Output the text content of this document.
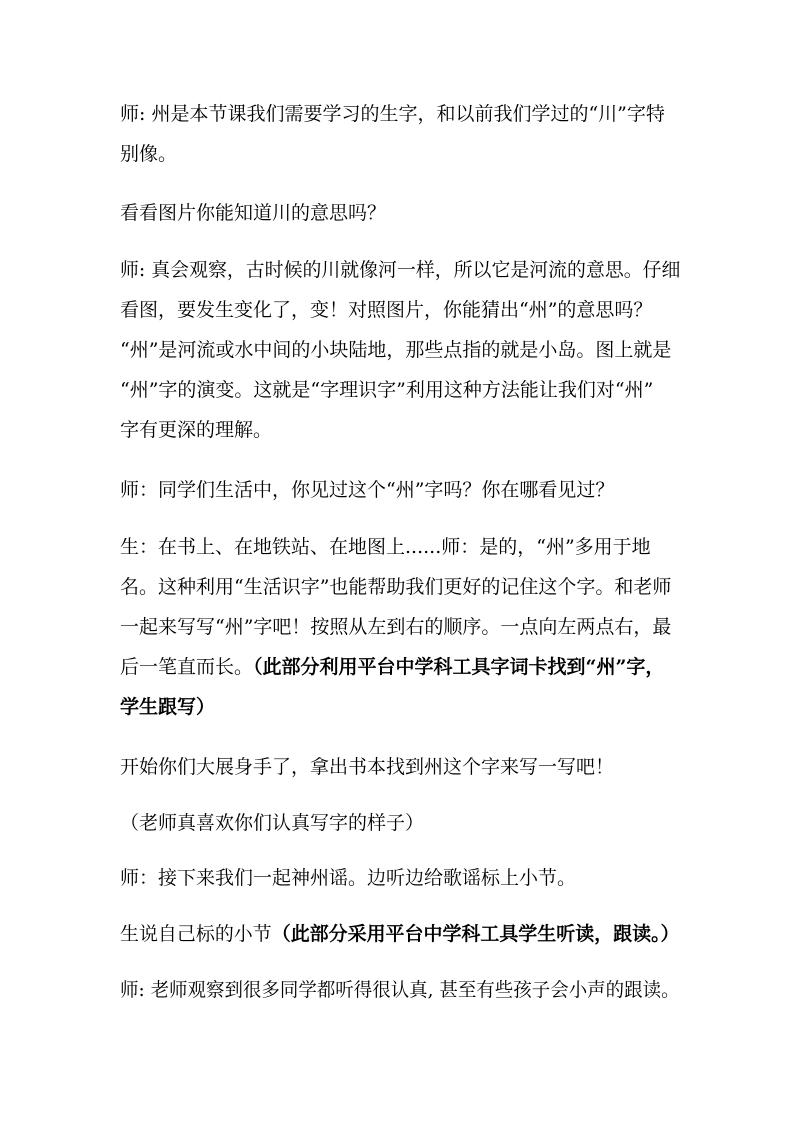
师: 州是本节课我们需要学习的生字，和以前我们学过的“川”字特
别像。
看看图片你能知道川的意思吗？
师: 真会观察，古时候的川就像河一样，所以它是河流的意思。仔细
看图，要发生变化了，变！对照图片，你能猜出“州”的意思吗？
“州”是河流或水中间的小块陆地，那些点指的就是小岛。图上就是
“州”字的演变。这就是“字理识字”利用这种方法能让我们对“州”
字有更深的理解。
师：同学们生活中，你见过这个“州”字吗？你在哪看见过？
生：在书上、在地铁站、在地图上......师：是的，“州”多用于地
名。这种利用“生活识字”也能帮助我们更好的记住这个字。和老师
一起来写写“州”字吧！按照从左到右的顺序。一点向左两点右，最
后一笔直而长。（此部分利用平台中学科工具字词卡找到“州”字，
学生跟写）
开始你们大展身手了，拿出书本找到州这个字来写一写吧！
（老师真喜欢你们认真写字的样子）
师：接下来我们一起神州谣。边听边给歌谣标上小节。
生说自己标的小节（此部分采用平台中学科工具学生听读，跟读。）
师: 老师观察到很多同学都听得很认真, 甚至有些孩子会小声的跟读。
